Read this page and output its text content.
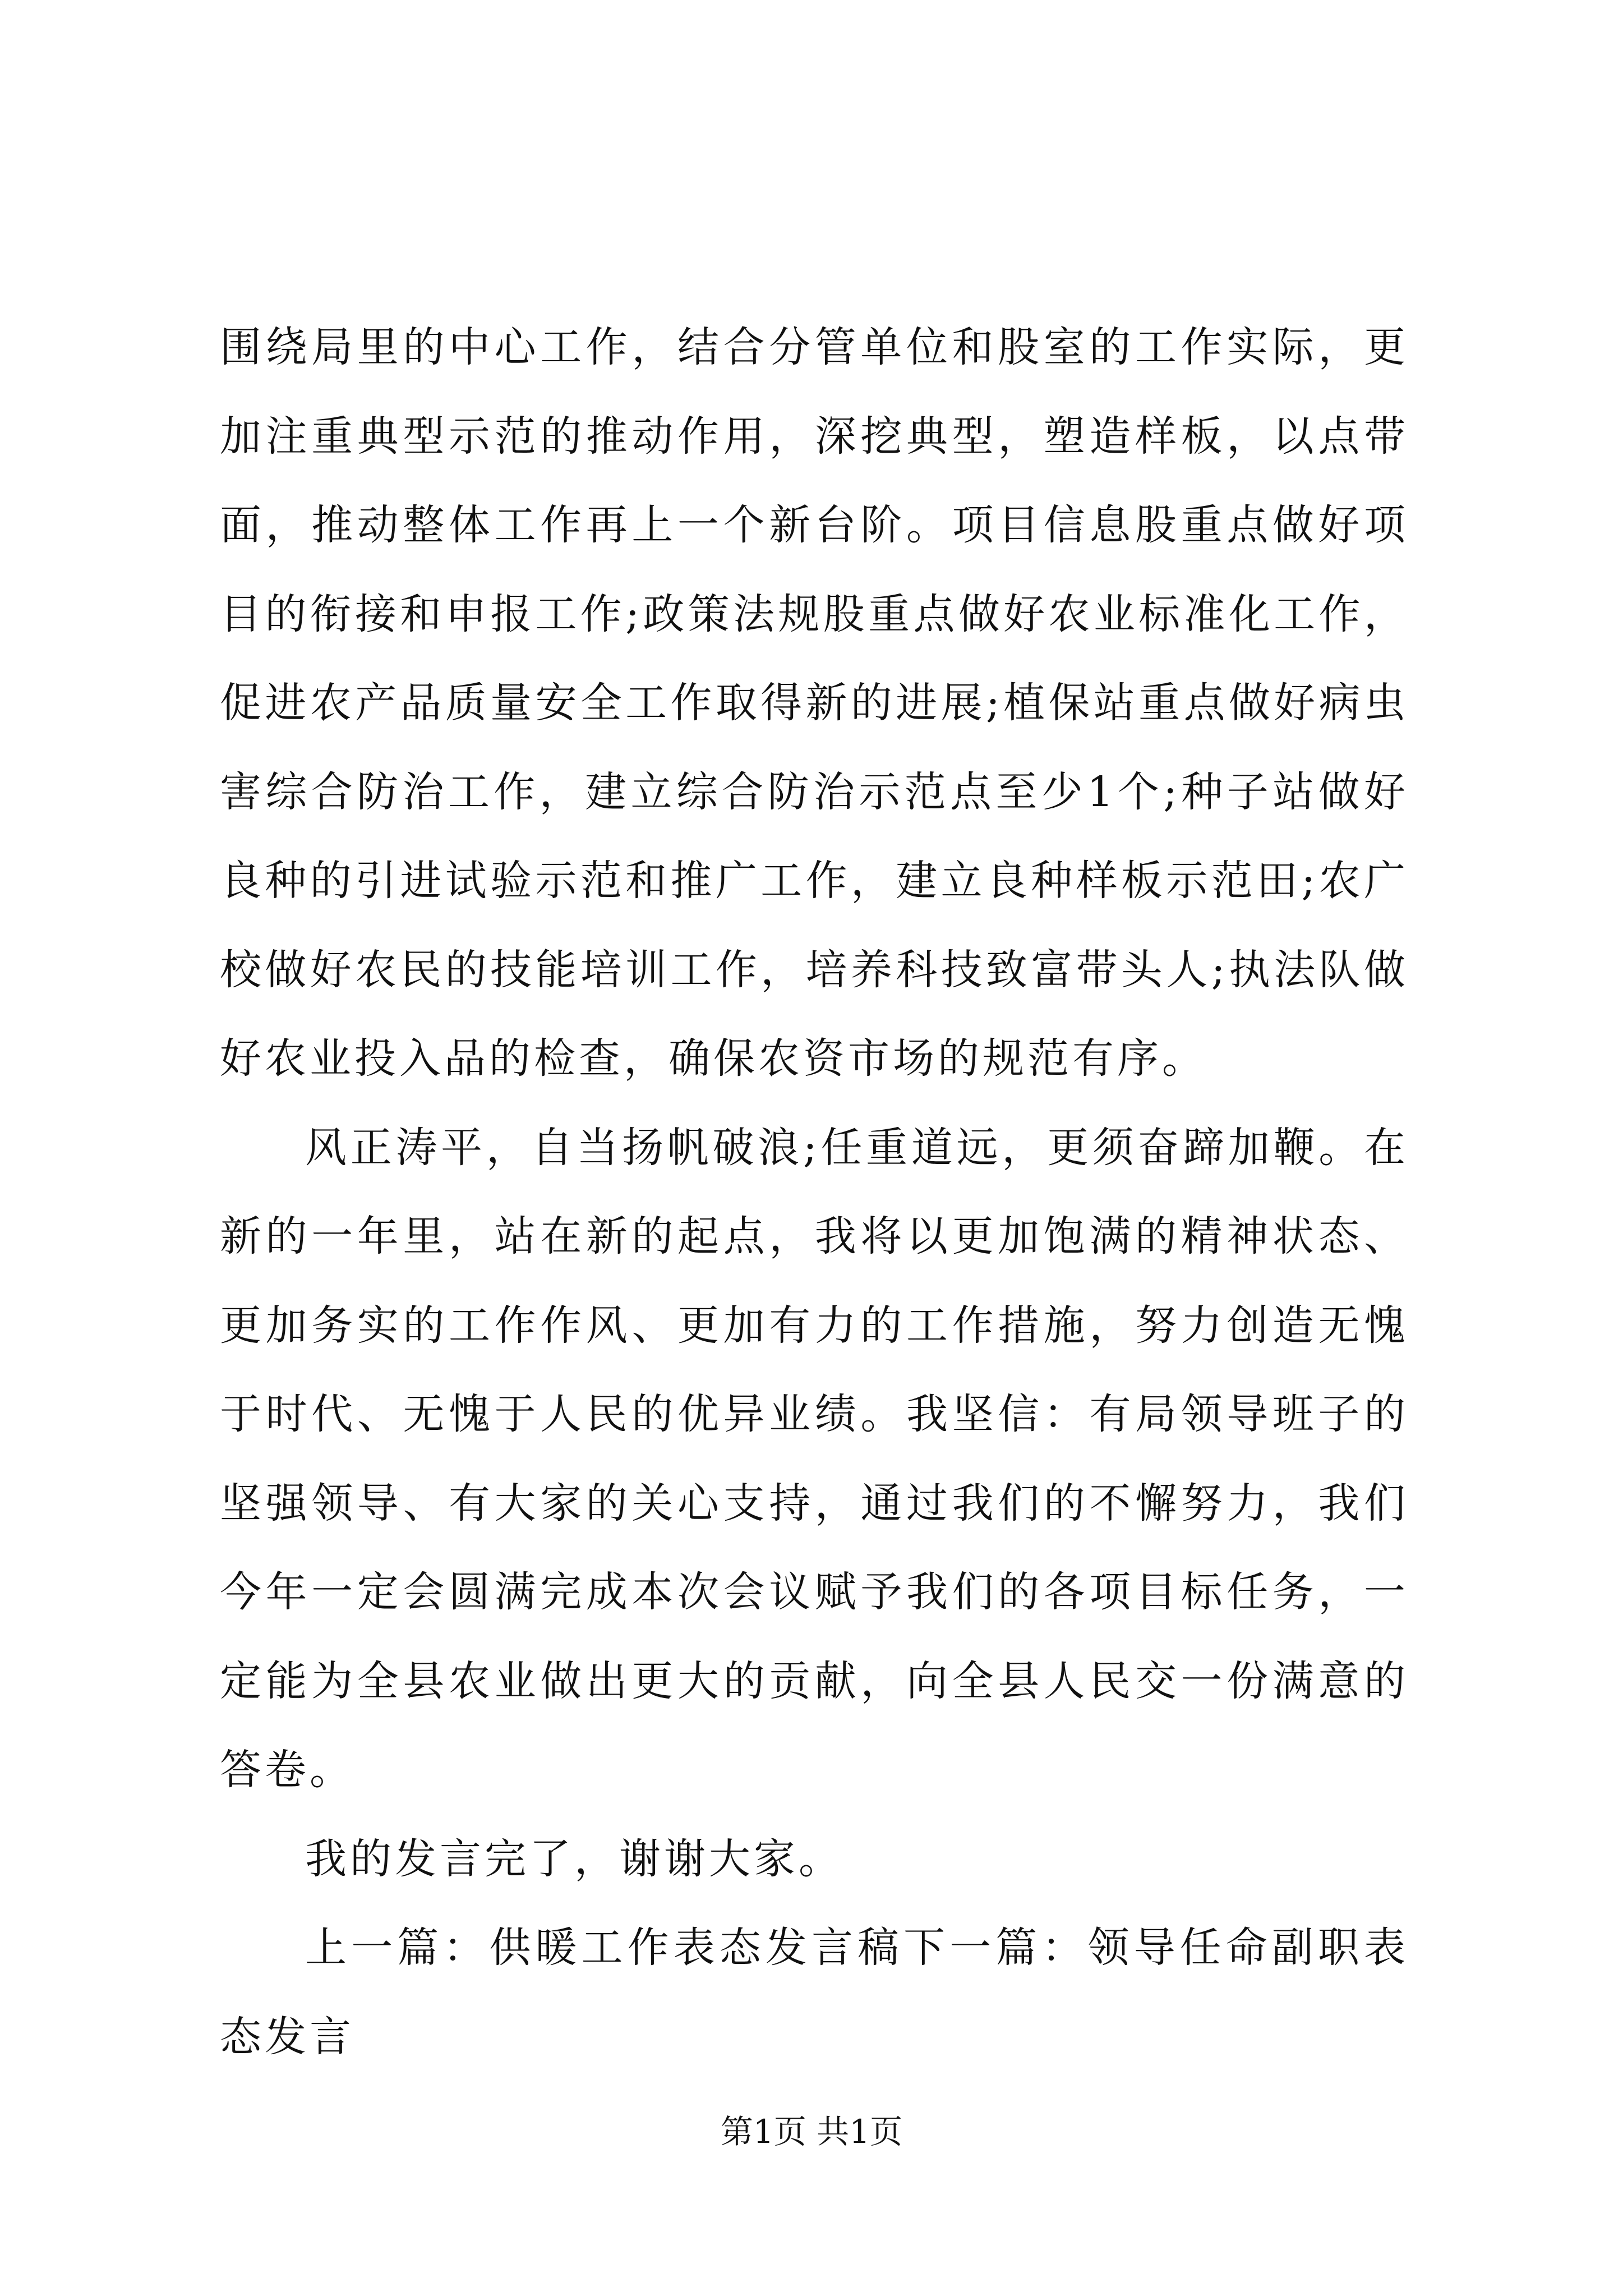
围绕局里的中心工作，结合分管单位和股室的工作实际，更加注重典型示范的推动作用，深挖典型，塑造样板，以点带面，推动整体工作再上一个新台阶。项目信息股重点做好项目的衔接和申报工作;政策法规股重点做好农业标准化工作，促进农产品质量安全工作取得新的进展;植保站重点做好病虫害综合防治工作，建立综合防治示范点至少1个;种子站做好良种的引进试验示范和推广工作，建立良种样板示范田;农广校做好农民的技能培训工作，培养科技致富带头人;执法队做好农业投入品的检查，确保农资市场的规范有序。

风正涛平，自当扬帆破浪;任重道远，更须奋蹄加鞭。在新的一年里，站在新的起点，我将以更加饱满的精神状态、更加务实的工作作风、更加有力的工作措施，努力创造无愧于时代、无愧于人民的优异业绩。我坚信：有局领导班子的坚强领导、有大家的关心支持，通过我们的不懈努力，我们今年一定会圆满完成本次会议赋予我们的各项目标任务，一定能为全县农业做出更大的贡献，向全县人民交一份满意的答卷。

我的发言完了，谢谢大家。

上一篇：供暖工作表态发言稿下一篇：领导任命副职表态发言

第1页 共1页
